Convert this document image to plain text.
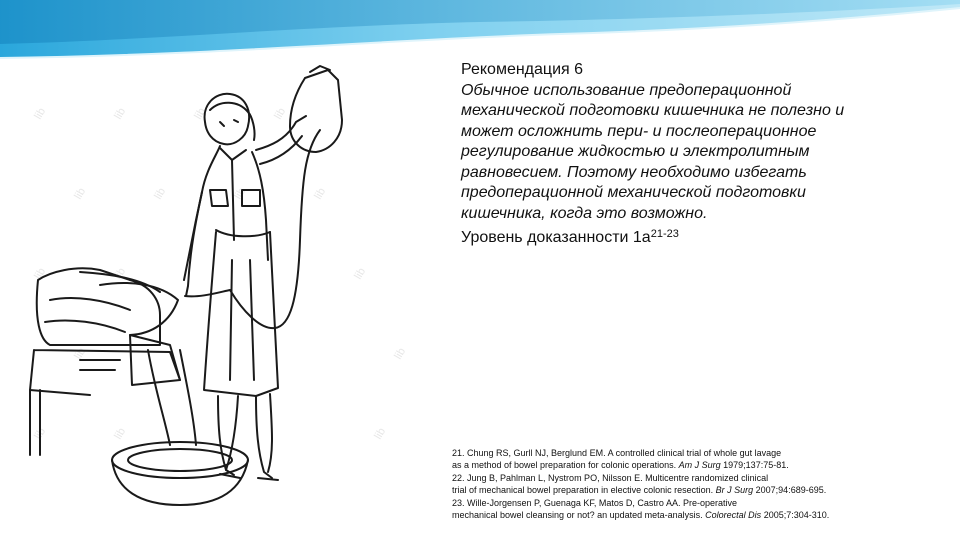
lib
lib
lib
lib
lib
lib
lib
lib
lib
lib
lib
lib
lib
lib	lib	lib

Рекомендация 6

Обычное использование предоперационной
механической подготовки кишечника не полезно и
может осложнить пери- и послеоперационное
регулирование жидкостью и электролитным
равновесием. Поэтому необходимо избегать
предоперационной механической подготовки
кишечника, когда это возможно.

Уровень доказанности $1а^{21-23}$

21. Chung RS, Gurll NJ, Berglund EM. A controlled clinical trial of whole gut lavage
as a method of bowel preparation for colonic operations. Am J Surg 1979;137:75-81.
22. Jung B, Pahlman L, Nystrom PO, Nilsson E. Multicentre randomized clinical
trial of mechanical bowel preparation in elective colonic resection. Br J Surg 2007;94:689-695.
23. Wille-Jorgensen P, Guenaga KF, Matos D, Castro AA. Pre-operative
mechanical bowel cleansing or not? an updated meta-analysis. Colorectal Dis 2005;7:304-310.
